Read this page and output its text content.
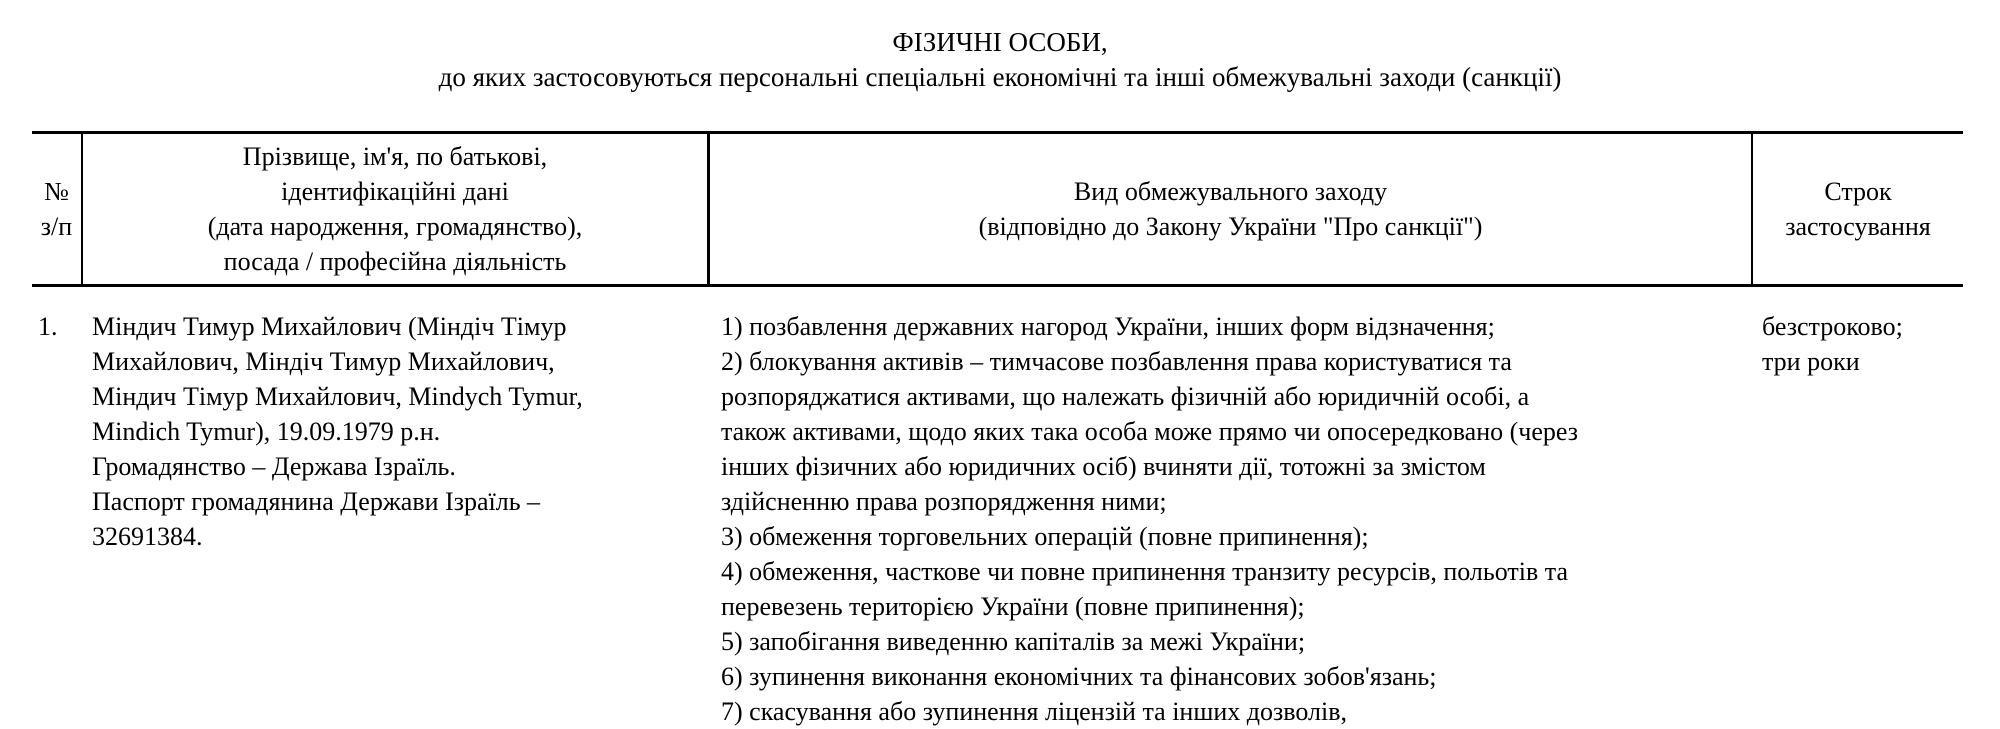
ФІЗИЧНІ ОСОБИ,
до яких застосовуються персональні спеціальні економічні та інші обмежувальні заходи (санкції)
№
з/п
Прізвище, ім'я, по батькові,
ідентифікаційні дані
(дата народження, громадянство),
посада / професійна діяльність
Вид обмежувального заходу
(відповідно до Закону України "Про санкції")
Строк
застосування
1.	Міндич Тимур Михайлович (Міндіч Тімур
Михайлович, Міндіч Тимур Михайлович,
Міндич Тімур Михайлович, Mindych Tymur,
Mindich Tymur), 19.09.1979 р.н.
Громадянство – Держава Ізраїль.
Паспорт громадянина Держави Ізраїль –
32691384.
1) позбавлення державних нагород України, інших форм відзначення;
2) блокування активів – тимчасове позбавлення права користуватися та
розпоряджатися активами, що належать фізичній або юридичній особі, а
також активами, щодо яких така особа може прямо чи опосередковано (через
інших фізичних або юридичних осіб) вчиняти дії, тотожні за змістом
здійсненню права розпорядження ними;
3) обмеження торговельних операцій (повне припинення);
4) обмеження, часткове чи повне припинення транзиту ресурсів, польотів та
перевезень територією України (повне припинення);
5) запобігання виведенню капіталів за межі України;
6) зупинення виконання економічних та фінансових зобов'язань;
7) скасування або зупинення ліцензій та інших дозволів,
безстроково;
три роки
